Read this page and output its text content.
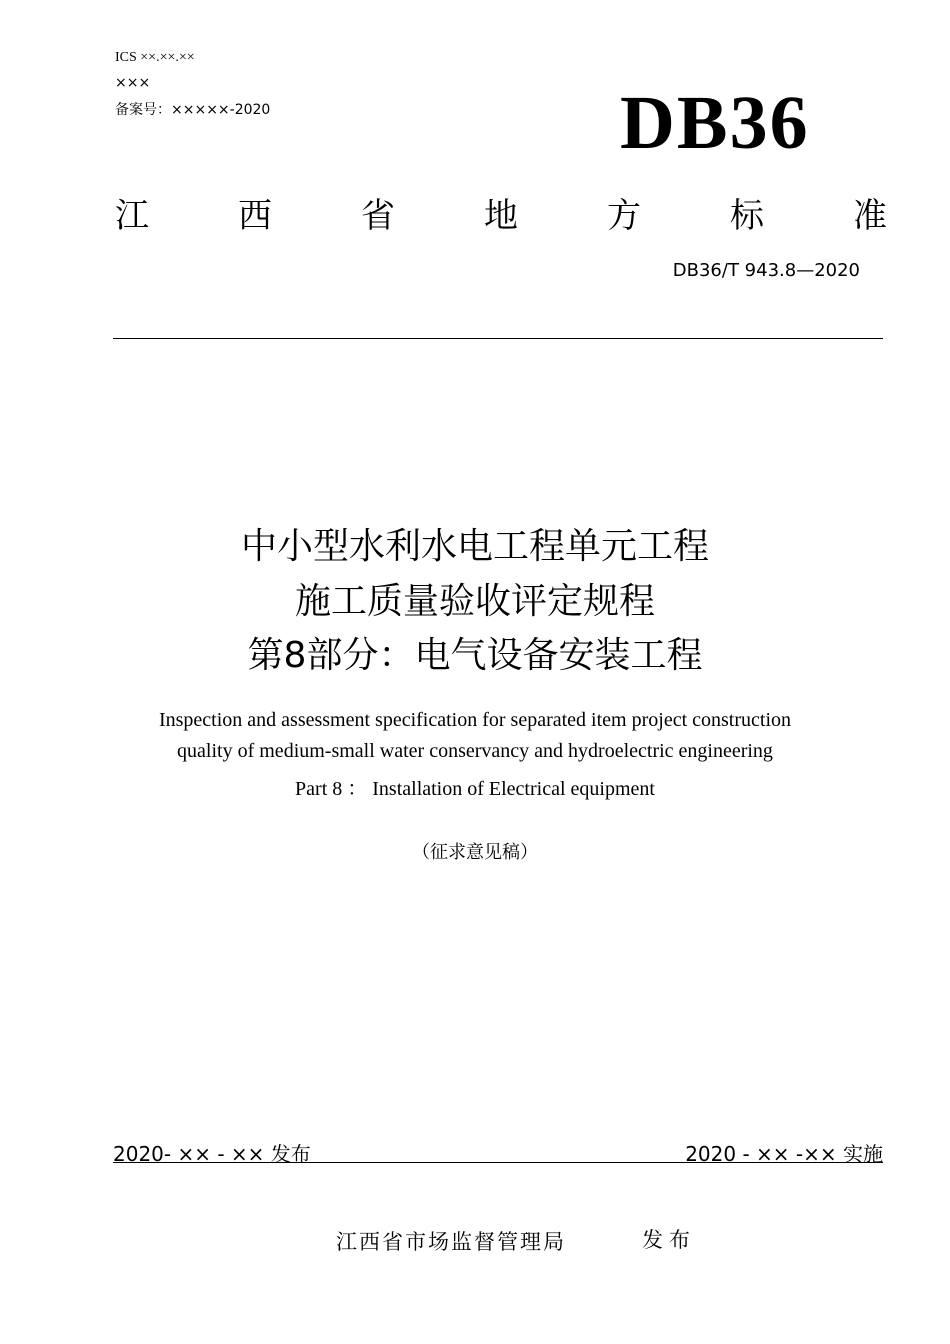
ICS ××.××.××
×××
备案号：×××××-2020	DB36
江	西	省	地	方	标	准
DB36/T 943.8—2020
中小型水利水电工程单元工程
施工质量验收评定规程
第8部分：电气设备安装工程
Inspection and assessment specification for separated item project construction
quality of medium-small water conservancy and hydroelectric engineering
Part 8 ： Installation of Electrical equipment
（征求意见稿）
2020- ×× - ×× 发布	2020 - ×× -×× 实施
江西省市场监督管理局	发布
